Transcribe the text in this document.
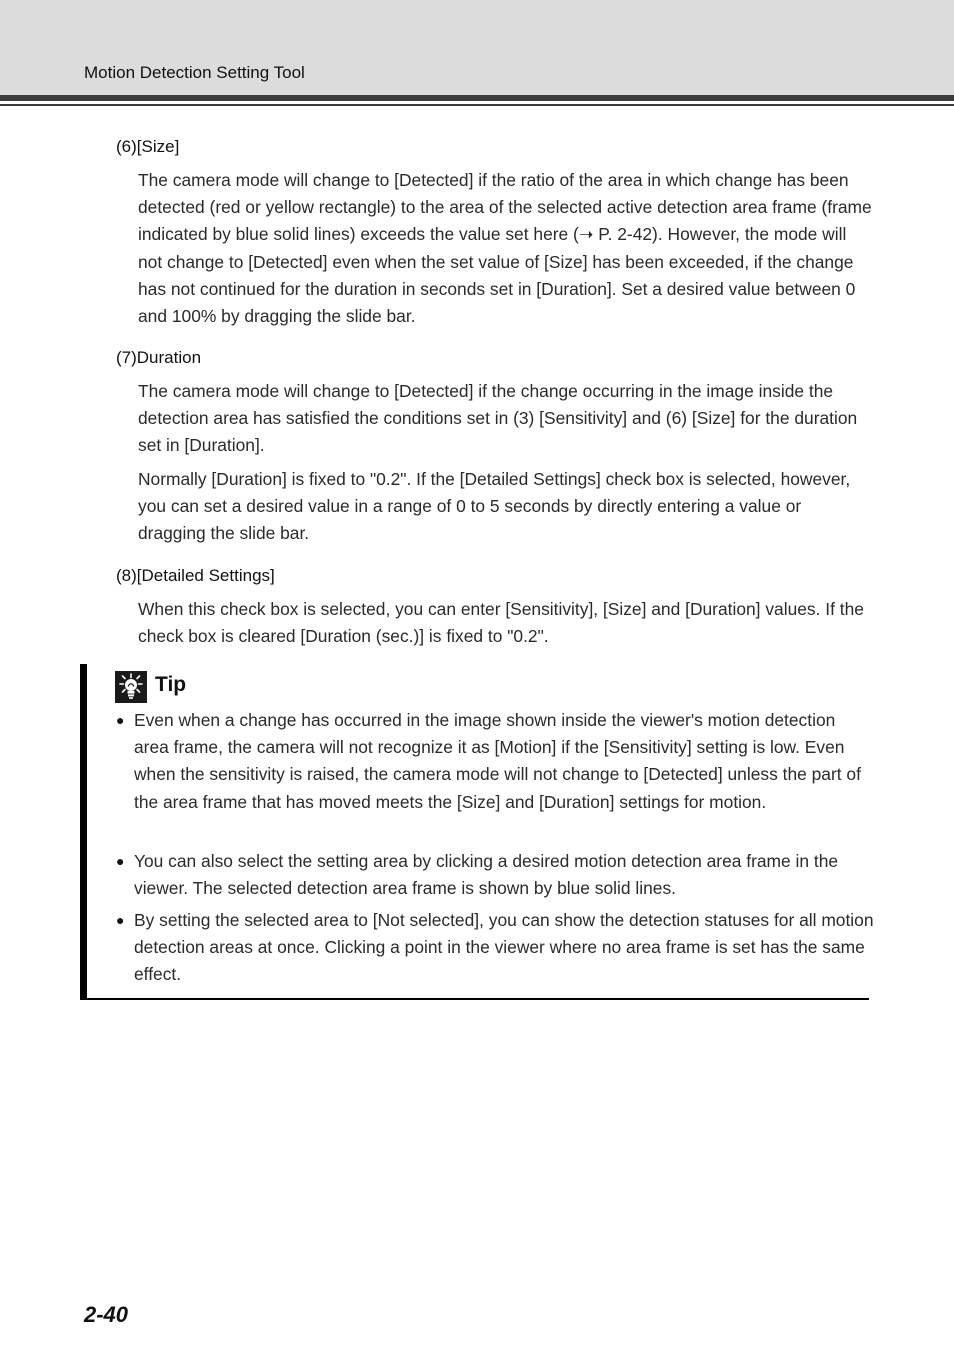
Motion Detection Setting Tool
(6)[Size]
The camera mode will change to [Detected] if the ratio of the area in which change has been detected (red or yellow rectangle) to the area of the selected active detection area frame (frame indicated by blue solid lines) exceeds the value set here (➝ P. 2-42). However, the mode will not change to [Detected] even when the set value of [Size] has been exceeded, if the change has not continued for the duration in seconds set in [Duration]. Set a desired value between 0 and 100% by dragging the slide bar.
(7)Duration
The camera mode will change to [Detected] if the change occurring in the image inside the detection area has satisfied the conditions set in (3) [Sensitivity] and (6) [Size] for the duration set in [Duration].
Normally [Duration] is fixed to "0.2". If the [Detailed Settings] check box is selected, however, you can set a desired value in a range of 0 to 5 seconds by directly entering a value or dragging the slide bar.
(8)[Detailed Settings]
When this check box is selected, you can enter [Sensitivity], [Size] and [Duration] values. If the check box is cleared [Duration (sec.)] is fixed to "0.2".
Tip
● Even when a change has occurred in the image shown inside the viewer's motion detection area frame, the camera will not recognize it as [Motion] if the [Sensitivity] setting is low. Even when the sensitivity is raised, the camera mode will not change to [Detected] unless the part of the area frame that has moved meets the [Size] and [Duration] settings for motion.
● You can also select the setting area by clicking a desired motion detection area frame in the viewer. The selected detection area frame is shown by blue solid lines.
● By setting the selected area to [Not selected], you can show the detection statuses for all motion detection areas at once. Clicking a point in the viewer where no area frame is set has the same effect.
2-40
